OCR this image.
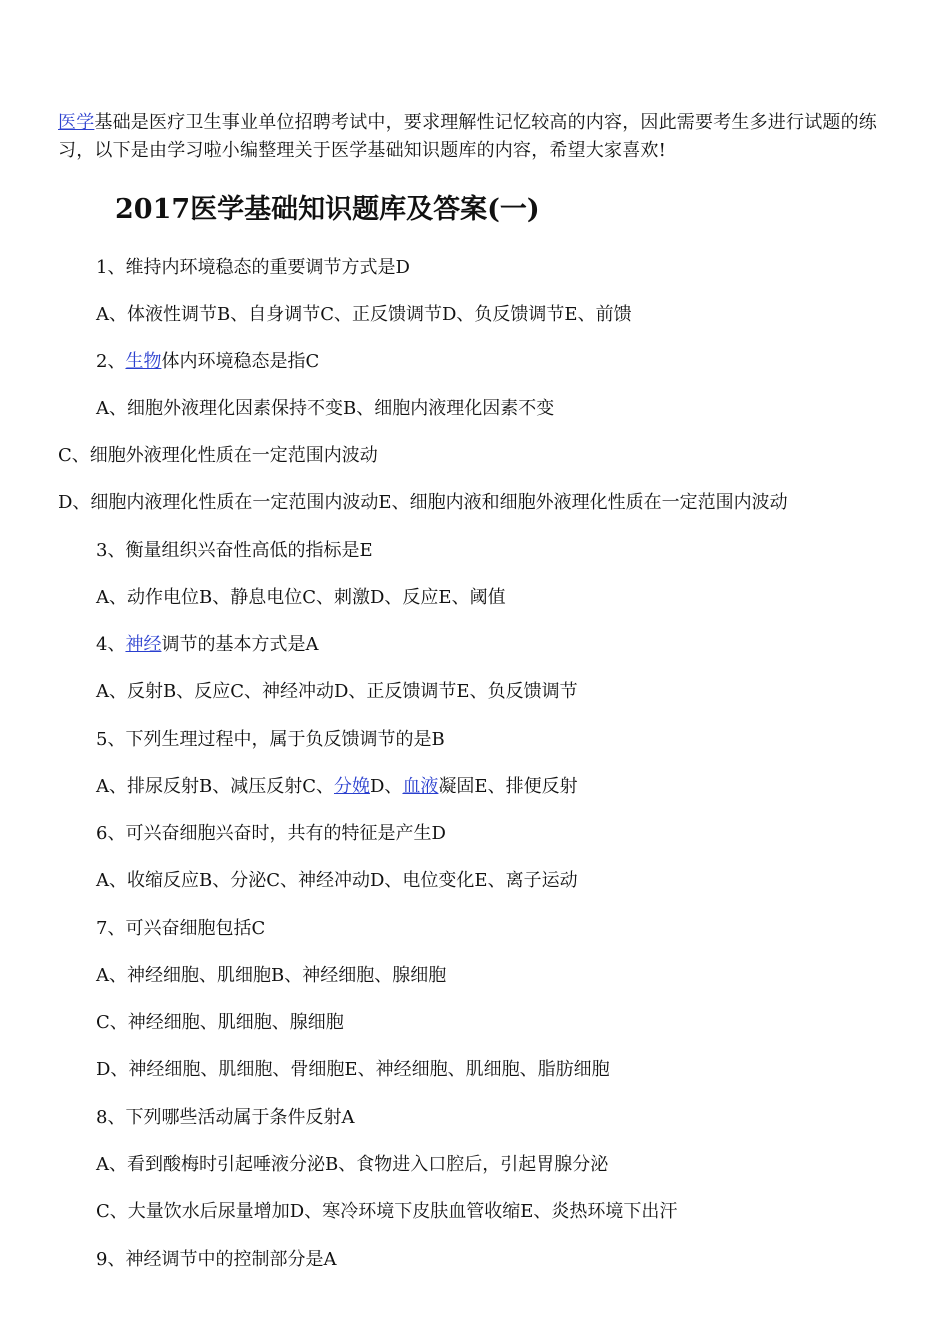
医学基础是医疗卫生事业单位招聘考试中，要求理解性记忆较高的内容，因此需要考生多进行试题的练习，以下是由学习啦小编整理关于医学基础知识题库的内容，希望大家喜欢!
2017医学基础知识题库及答案(一)
1、维持内环境稳态的重要调节方式是D
A、体液性调节B、自身调节C、正反馈调节D、负反馈调节E、前馈
2、生物体内环境稳态是指C
A、细胞外液理化因素保持不变B、细胞内液理化因素不变
C、细胞外液理化性质在一定范围内波动
D、细胞内液理化性质在一定范围内波动E、细胞内液和细胞外液理化性质在一定范围内波动
3、衡量组织兴奋性高低的指标是E
A、动作电位B、静息电位C、刺激D、反应E、阈值
4、神经调节的基本方式是A
A、反射B、反应C、神经冲动D、正反馈调节E、负反馈调节
5、下列生理过程中，属于负反馈调节的是B
A、排尿反射B、减压反射C、分娩D、血液凝固E、排便反射
6、可兴奋细胞兴奋时，共有的特征是产生D
A、收缩反应B、分泌C、神经冲动D、电位变化E、离子运动
7、可兴奋细胞包括C
A、神经细胞、肌细胞B、神经细胞、腺细胞
C、神经细胞、肌细胞、腺细胞
D、神经细胞、肌细胞、骨细胞E、神经细胞、肌细胞、脂肪细胞
8、下列哪些活动属于条件反射A
A、看到酸梅时引起唾液分泌B、食物进入口腔后，引起胃腺分泌
C、大量饮水后尿量增加D、寒冷环境下皮肤血管收缩E、炎热环境下出汗
9、神经调节中的控制部分是A
